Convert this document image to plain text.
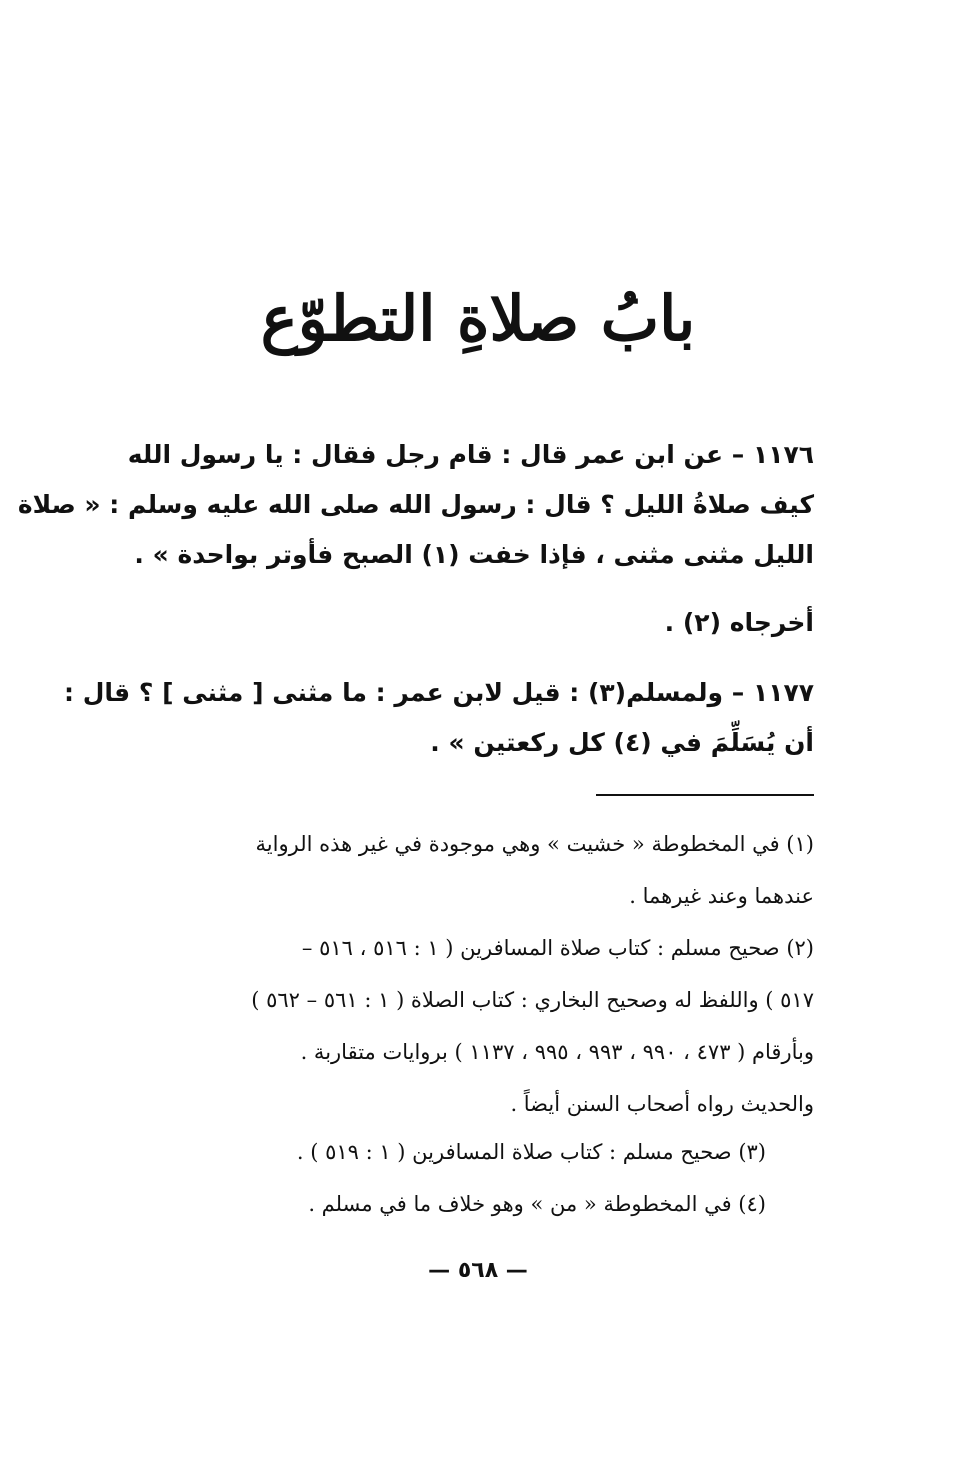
بابُ صلاةِ التطوّع
١١٧٦ – عن ابن عمر قال : قام رجل فقال : يا رسول الله
كيف صلاةُ الليل ؟ قال : رسول الله صلى الله عليه وسلم : « صلاة
الليل مثنى مثنى ، فإذا خفت (١) الصبح فأوتر بواحدة » .
أخرجاه (٢) .
١١٧٧ – ولمسلم(٣) : قيل لابن عمر : ما مثنى [ مثنى ] ؟ قال :
أن يُسَلِّمَ في (٤) كل ركعتين » .
(١) في المخطوطة « خشيت » وهي موجودة في غير هذه الرواية
عندهما وعند غيرهما .
(٢) صحيح مسلم : كتاب صلاة المسافرين ( ١ : ٥١٦ ، ٥١٦ –
٥١٧ ) واللفظ له وصحيح البخاري : كتاب الصلاة ( ١ : ٥٦١ – ٥٦٢ )
وبأرقام ( ٤٧٣ ، ٩٩٠ ، ٩٩٣ ، ٩٩٥ ، ١١٣٧ ) بروايات متقاربة .
والحديث رواه أصحاب السنن أيضاً .
(٣) صحيح مسلم : كتاب صلاة المسافرين ( ١ : ٥١٩ ) .
(٤) في المخطوطة « من » وهو خلاف ما في مسلم .
— ٥٦٨ —
